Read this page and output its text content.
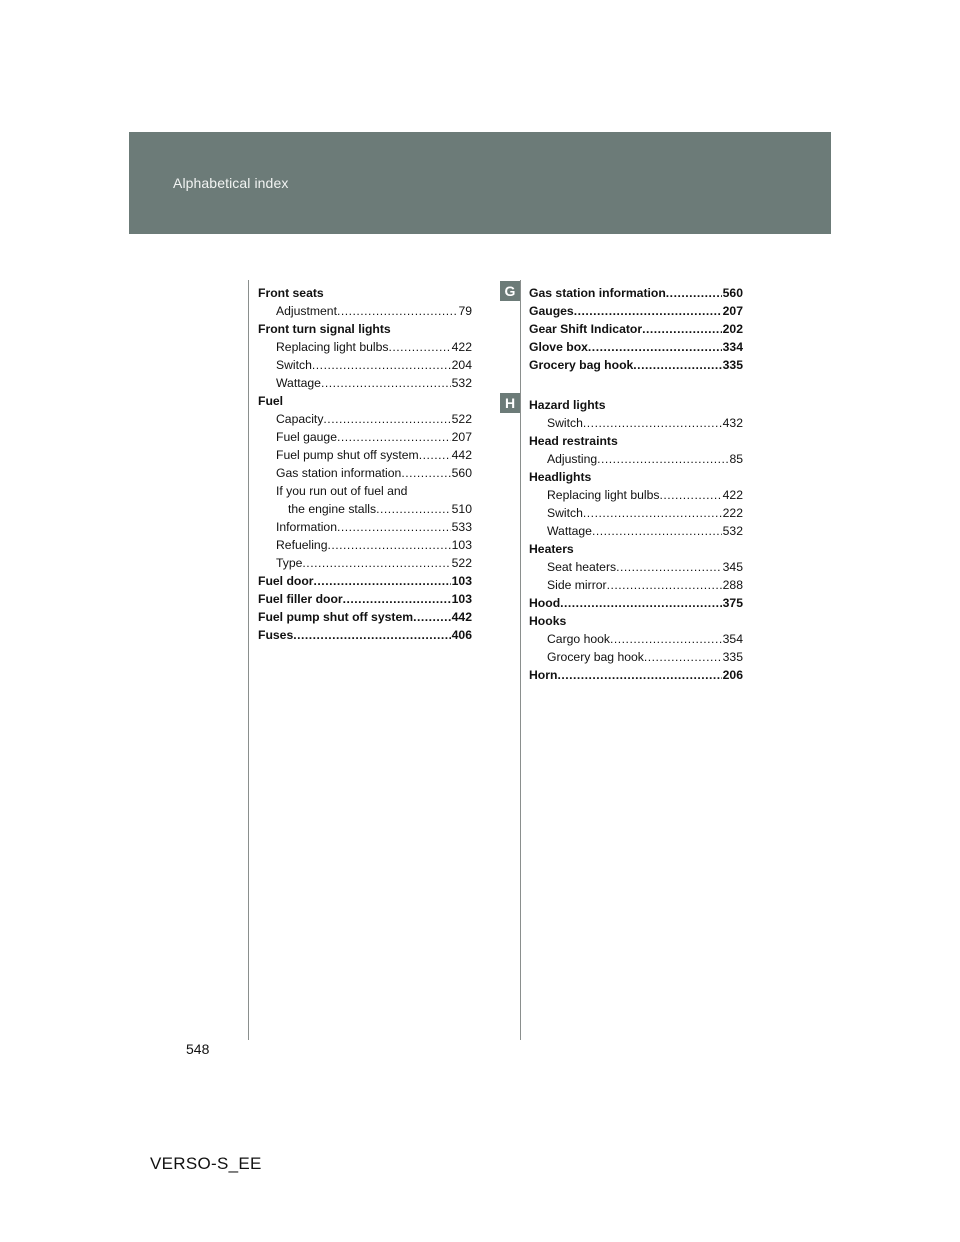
Alphabetical index
Front seats
Adjustment .....	79
Front turn signal lights
Replacing light bulbs .....	422
Switch .....	204
Wattage .....	532
Fuel
Capacity .....	522
Fuel gauge .....	207
Fuel pump shut off system .....	442
Gas station information .....	560
If you run out of fuel and
the engine stalls .....	510
Information .....	533
Refueling .....	103
Type .....	522
Fuel door .....	103
Fuel filler door .....	103
Fuel pump shut off system .....	442
Fuses .....	406
G	Gas station information .....	560
Gauges .....	207
Gear Shift Indicator .....	202
Glove box .....	334
Grocery bag hook .....	335
H	Hazard lights
Switch .....	432
Head restraints
Adjusting .....	85
Headlights
Replacing light bulbs .....	422
Switch .....	222
Wattage .....	532
Heaters
Seat heaters .....	345
Side mirror .....	288
Hood .....	375
Hooks
Cargo hook .....	354
Grocery bag hook .....	335
Horn .....	206
548
VERSO-S_EE
